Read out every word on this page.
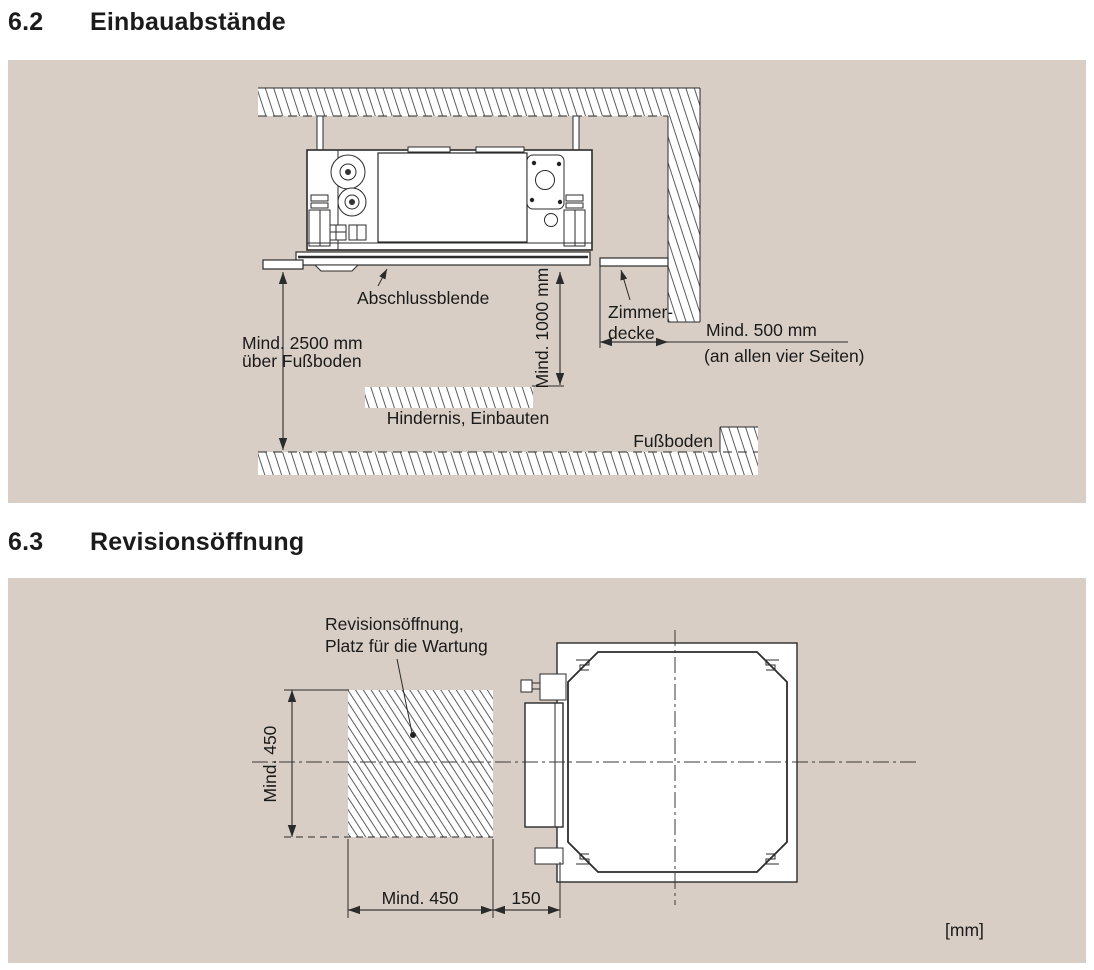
6.2	Einbauabstände
Mind. 2500 mm
über Fußboden	Mind. 1000 mm	Mind. 500 mm
(an allen vier Seiten)
Abschlussblende
Zimmer-
decke
Hindernis, Einbauten
Fußboden
6.3	Revisionsöffnung
Revisionsöffnung,
Platz für die Wartung
Mind. 450
Mind. 450	150
[mm]
